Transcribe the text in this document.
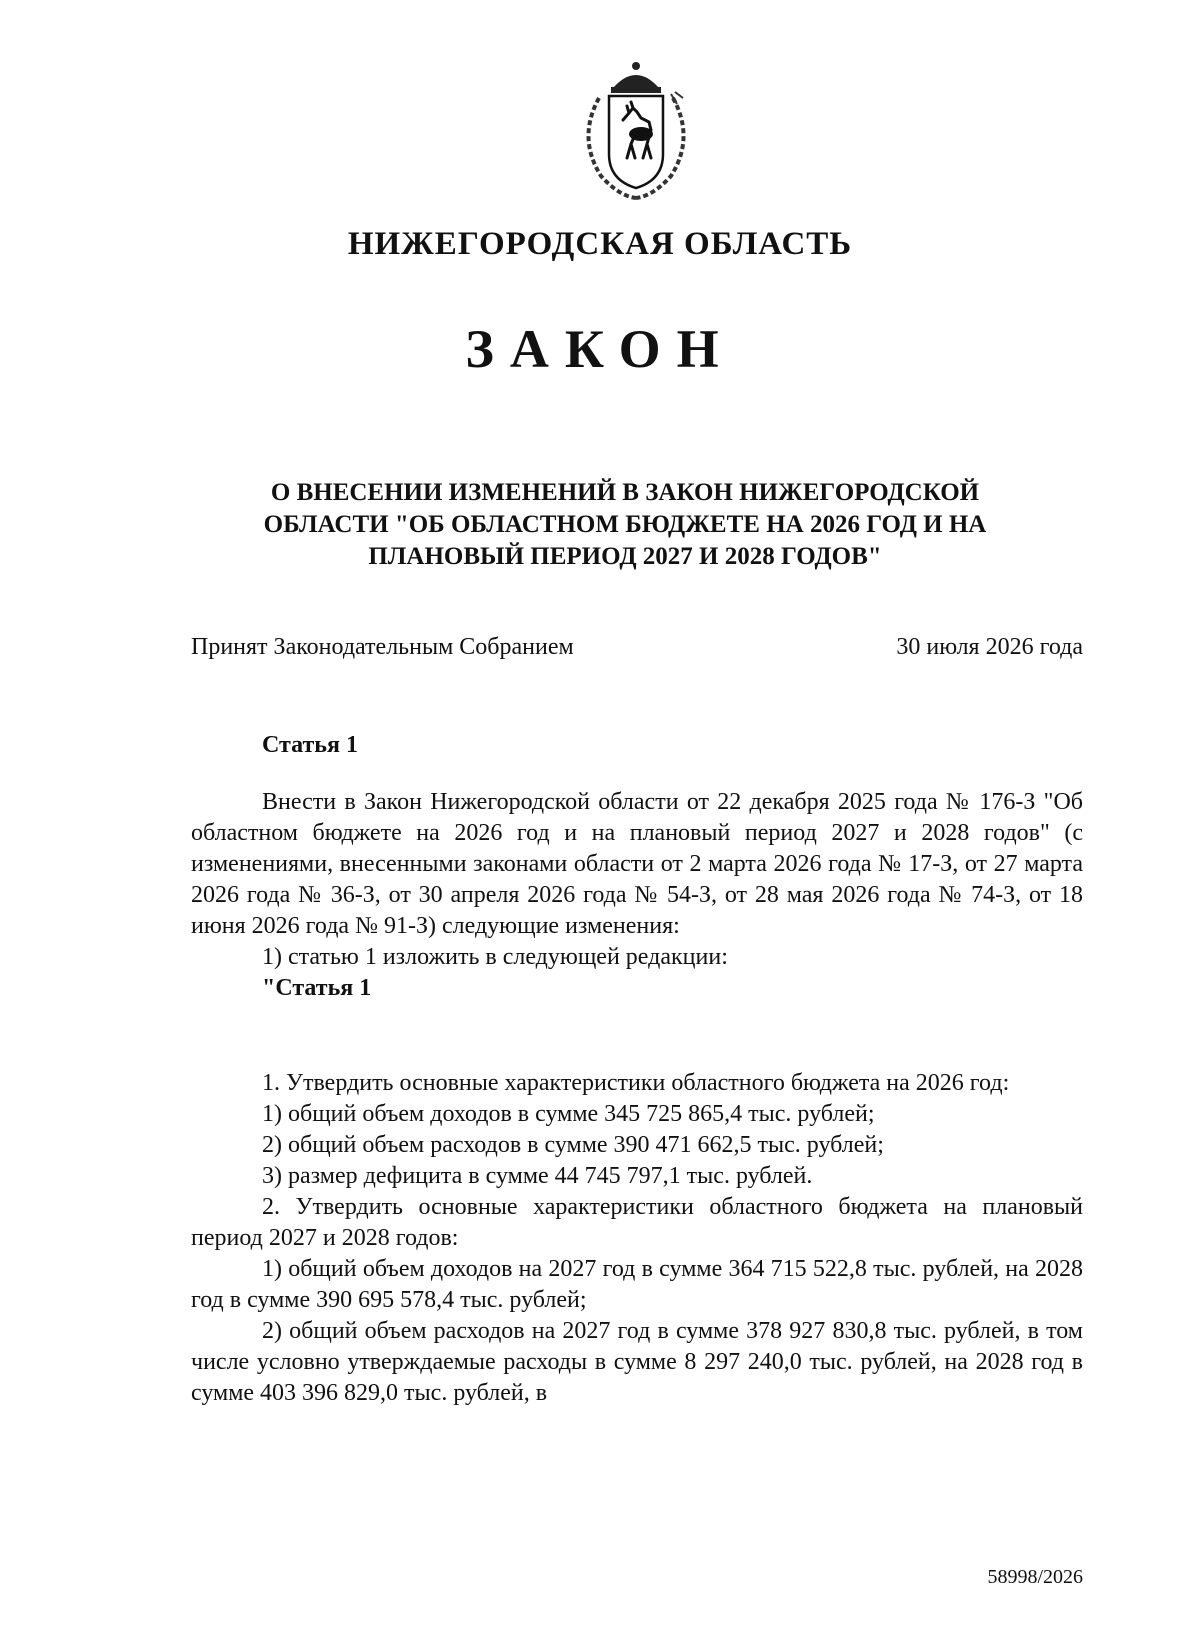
НИЖЕГОРОДСКАЯ ОБЛАСТЬ
ЗАКОН
О ВНЕСЕНИИ ИЗМЕНЕНИЙ В ЗАКОН НИЖЕГОРОДСКОЙ
ОБЛАСТИ "ОБ ОБЛАСТНОМ БЮДЖЕТЕ НА 2026 ГОД И НА
ПЛАНОВЫЙ ПЕРИОД 2027 И 2028 ГОДОВ"
Принят Законодательным Собранием	30 июля 2026 года
Статья 1

Внести в Закон Нижегородской области от 22 декабря 2025 года № 176-З "Об областном бюджете на 2026 год и на плановый период 2027 и 2028 годов" (с изменениями, внесенными законами области от 2 марта 2026 года № 17-З, от 27 марта 2026 года № 36-З, от 30 апреля 2026 года № 54-З, от 28 мая 2026 года № 74-З, от 18 июня 2026 года № 91-З) следующие изменения:

1) статью 1 изложить в следующей редакции:

"Статья 1

1. Утвердить основные характеристики областного бюджета на 2026 год:

1) общий объем доходов в сумме 345 725 865,4 тыс. рублей;

2) общий объем расходов в сумме 390 471 662,5 тыс. рублей;

3) размер дефицита в сумме 44 745 797,1 тыс. рублей.

2. Утвердить основные характеристики областного бюджета на плановый период 2027 и 2028 годов:

1) общий объем доходов на 2027 год в сумме 364 715 522,8 тыс. рублей, на 2028 год в сумме 390 695 578,4 тыс. рублей;

2) общий объем расходов на 2027 год в сумме 378 927 830,8 тыс. рублей, в том числе условно утверждаемые расходы в сумме 8 297 240,0 тыс. рублей, на 2028 год в сумме 403 396 829,0 тыс. рублей, в

58998/2026
